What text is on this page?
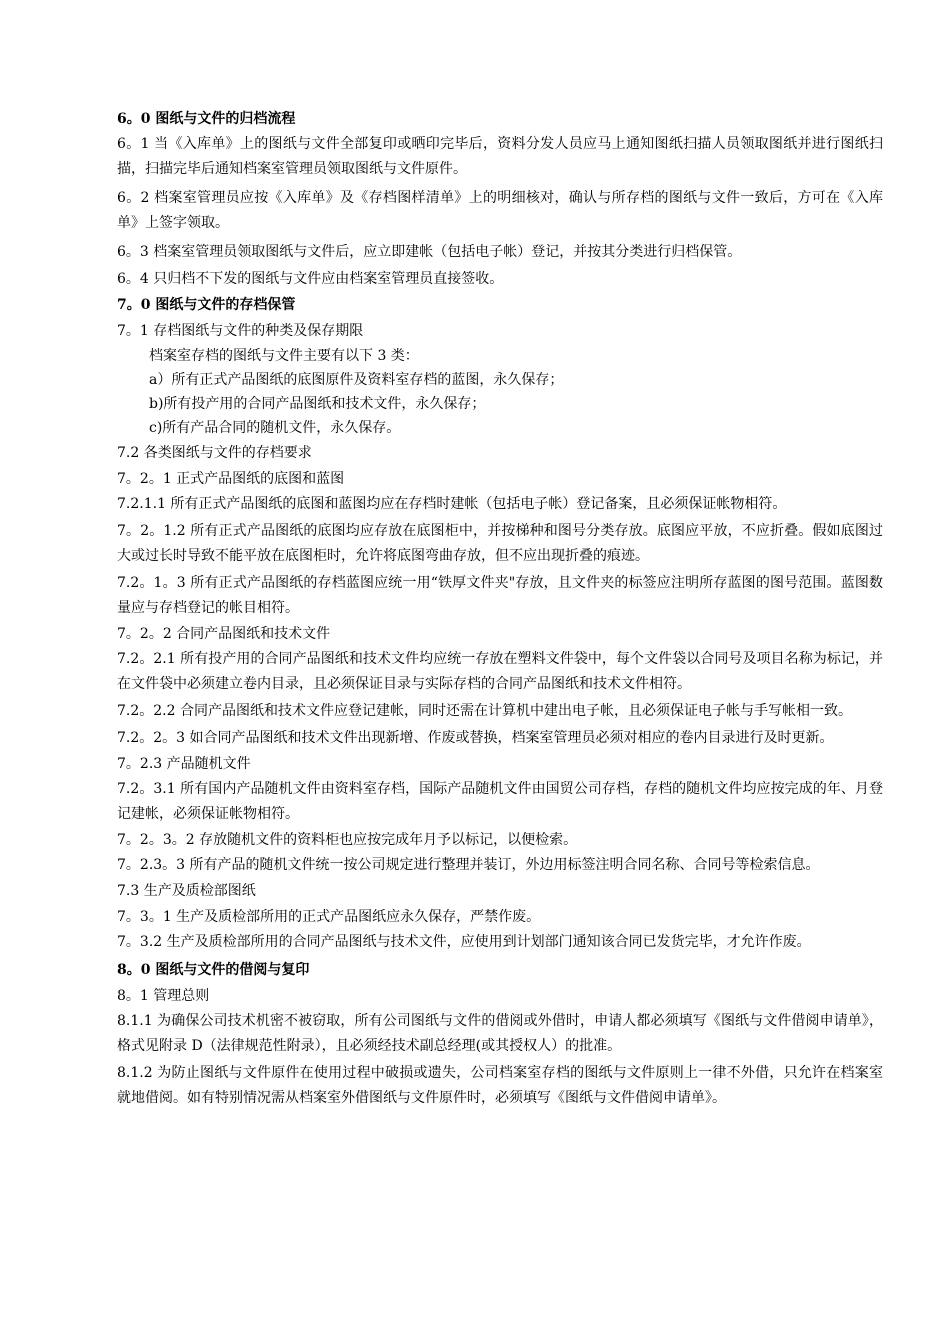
6。0 图纸与文件的归档流程

6。1 当《入库单》上的图纸与文件全部复印或晒印完毕后，资料分发人员应马上通知图纸扫描人员领取图纸并进行图纸扫描，扫描完毕后通知档案室管理员领取图纸与文件原件。

6。2 档案室管理员应按《入库单》及《存档图样清单》上的明细核对，确认与所存档的图纸与文件一致后，方可在《入库单》上签字领取。

6。3 档案室管理员领取图纸与文件后，应立即建帐（包括电子帐）登记，并按其分类进行归档保管。

6。4 只归档不下发的图纸与文件应由档案室管理员直接签收。

7。0 图纸与文件的存档保管

7。1 存档图纸与文件的种类及保存期限

档案室存档的图纸与文件主要有以下 3 类：

a）所有正式产品图纸的底图原件及资料室存档的蓝图，永久保存；

b)所有投产用的合同产品图纸和技术文件，永久保存；

c)所有产品合同的随机文件，永久保存。

7.2 各类图纸与文件的存档要求

7。2。1 正式产品图纸的底图和蓝图

7.2.1.1 所有正式产品图纸的底图和蓝图均应在存档时建帐（包括电子帐）登记备案，且必须保证帐物相符。

7。2。1.2 所有正式产品图纸的底图均应存放在底图柜中，并按梯种和图号分类存放。底图应平放，不应折叠。假如底图过大或过长时导致不能平放在底图柜时，允许将底图弯曲存放，但不应出现折叠的痕迹。

7.2。1。3 所有正式产品图纸的存档蓝图应统一用“铁厚文件夹"存放，且文件夹的标签应注明所存蓝图的图号范围。蓝图数量应与存档登记的帐目相符。

7。2。2 合同产品图纸和技术文件

7.2。2.1 所有投产用的合同产品图纸和技术文件均应统一存放在塑料文件袋中，每个文件袋以合同号及项目名称为标记，并在文件袋中必须建立卷内目录，且必须保证目录与实际存档的合同产品图纸和技术文件相符。

7.2。2.2 合同产品图纸和技术文件应登记建帐，同时还需在计算机中建出电子帐，且必须保证电子帐与手写帐相一致。

7.2。2。3 如合同产品图纸和技术文件出现新增、作废或替换，档案室管理员必须对相应的卷内目录进行及时更新。

7。2.3 产品随机文件

7.2。3.1 所有国内产品随机文件由资料室存档，国际产品随机文件由国贸公司存档，存档的随机文件均应按完成的年、月登记建帐，必须保证帐物相符。

7。2。3。2 存放随机文件的资料柜也应按完成年月予以标记，以便检索。

7。2.3。3 所有产品的随机文件统一按公司规定进行整理并装订，外边用标签注明合同名称、合同号等检索信息。

7.3 生产及质检部图纸

7。3。1 生产及质检部所用的正式产品图纸应永久保存，严禁作废。

7。3.2 生产及质检部所用的合同产品图纸与技术文件，应使用到计划部门通知该合同已发货完毕，才允许作废。

8。0 图纸与文件的借阅与复印

8。1 管理总则

8.1.1 为确保公司技术机密不被窃取，所有公司图纸与文件的借阅或外借时，申请人都必须填写《图纸与文件借阅申请单》，格式见附录 D（法律规范性附录），且必须经技术副总经理(或其授权人）的批准。

8.1.2 为防止图纸与文件原件在使用过程中破损或遗失，公司档案室存档的图纸与文件原则上一律不外借，只允许在档案室就地借阅。如有特别情况需从档案室外借图纸与文件原件时，必须填写《图纸与文件借阅申请单》。
